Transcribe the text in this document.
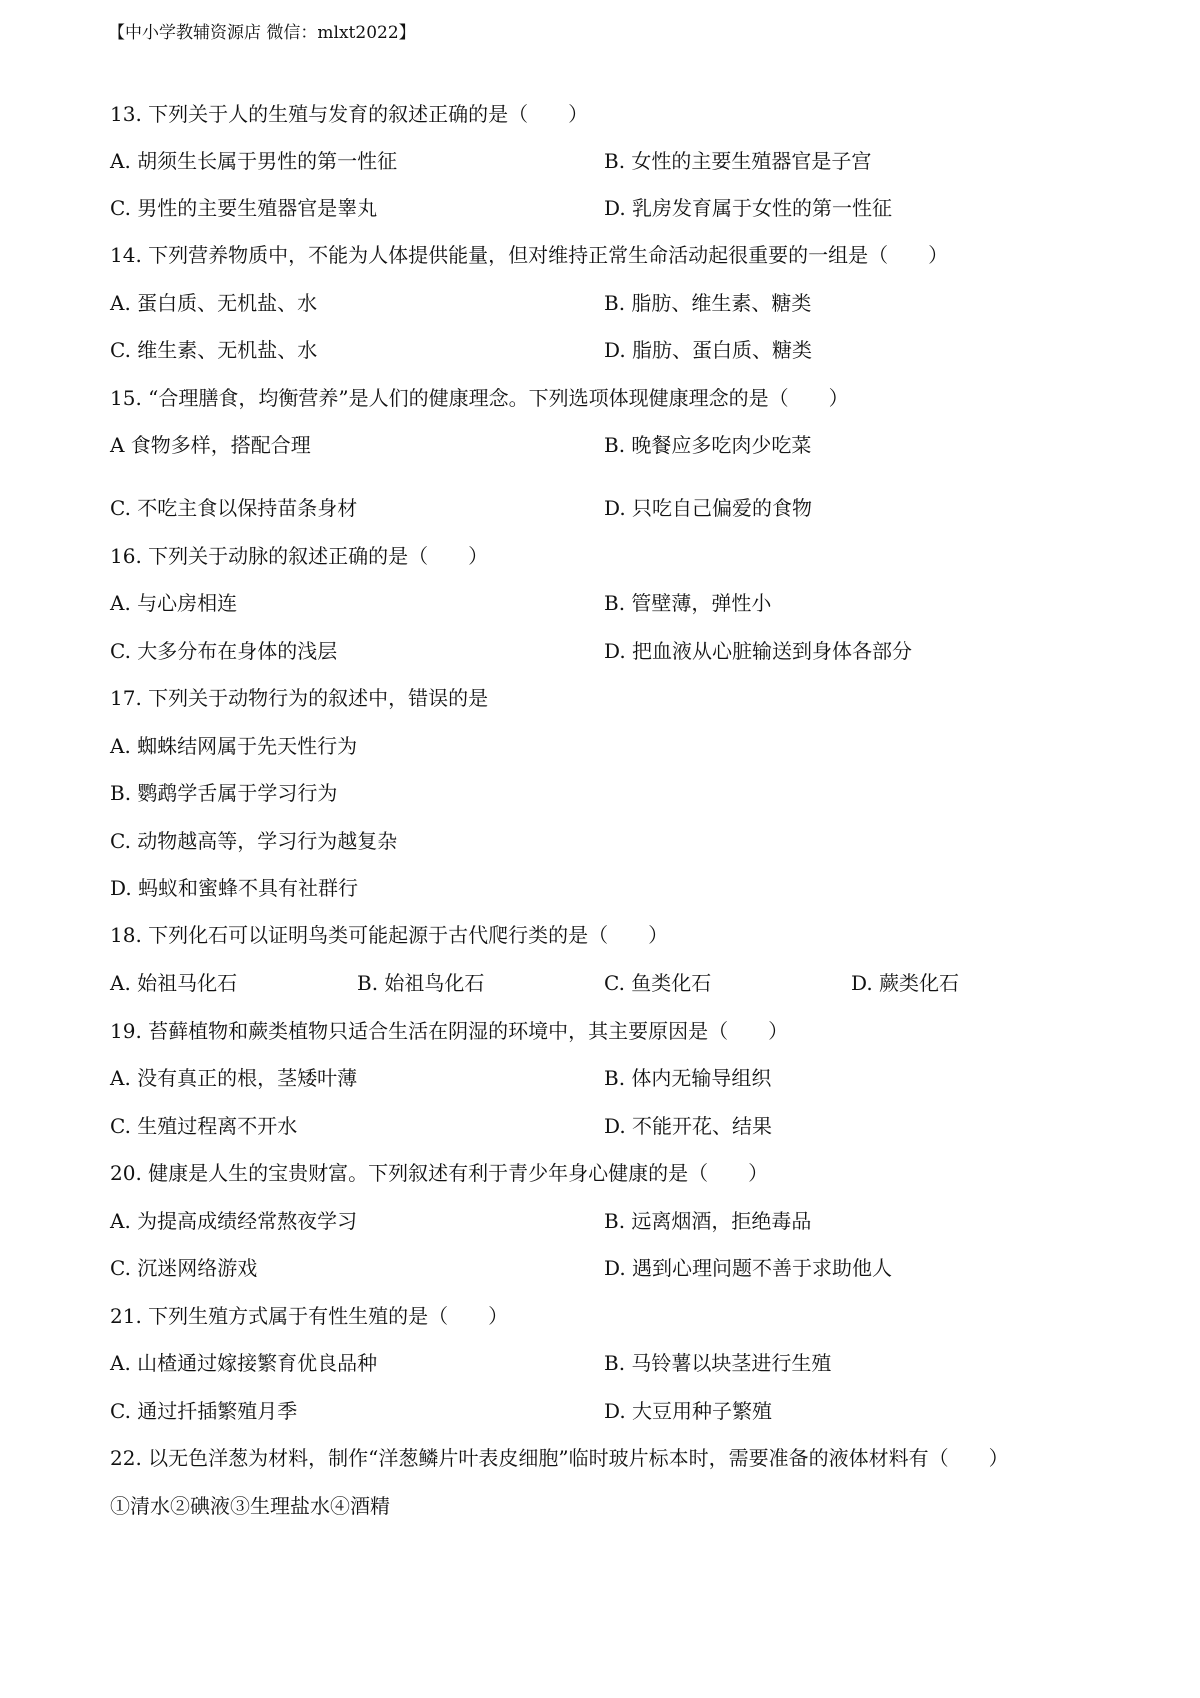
【中小学教辅资源店 微信：mlxt2022】
13. 下列关于人的生殖与发育的叙述正确的是（　　）
A. 胡须生长属于男性的第一性征	B. 女性的主要生殖器官是子宫
C. 男性的主要生殖器官是睾丸	D. 乳房发育属于女性的第一性征
14. 下列营养物质中，不能为人体提供能量，但对维持正常生命活动起很重要的一组是（　　）
A. 蛋白质、无机盐、水	B. 脂肪、维生素、糖类
C. 维生素、无机盐、水	D. 脂肪、蛋白质、糖类
15. “合理膳食，均衡营养”是人们的健康理念。下列选项体现健康理念的是（　　）
A 食物多样，搭配合理	B. 晚餐应多吃肉少吃菜
C. 不吃主食以保持苗条身材	D. 只吃自己偏爱的食物
16. 下列关于动脉的叙述正确的是（　　）
A. 与心房相连	B. 管壁薄，弹性小
C. 大多分布在身体的浅层	D. 把血液从心脏输送到身体各部分
17. 下列关于动物行为的叙述中，错误的是
A. 蜘蛛结网属于先天性行为
B. 鹦鹉学舌属于学习行为
C. 动物越高等，学习行为越复杂
D. 蚂蚁和蜜蜂不具有社群行
18. 下列化石可以证明鸟类可能起源于古代爬行类的是（　　）
A. 始祖马化石	B. 始祖鸟化石	C. 鱼类化石	D. 蕨类化石
19. 苔藓植物和蕨类植物只适合生活在阴湿的环境中，其主要原因是（　　）
A. 没有真正的根，茎矮叶薄	B. 体内无输导组织
C. 生殖过程离不开水	D. 不能开花、结果
20. 健康是人生的宝贵财富。下列叙述有利于青少年身心健康的是（　　）
A. 为提高成绩经常熬夜学习	B. 远离烟酒，拒绝毒品
C. 沉迷网络游戏	D. 遇到心理问题不善于求助他人
21. 下列生殖方式属于有性生殖的是（　　）
A. 山楂通过嫁接繁育优良品种	B. 马铃薯以块茎进行生殖
C. 通过扦插繁殖月季	D. 大豆用种子繁殖
22. 以无色洋葱为材料，制作“洋葱鳞片叶表皮细胞”临时玻片标本时，需要准备的液体材料有（　　）
①清水②碘液③生理盐水④酒精
